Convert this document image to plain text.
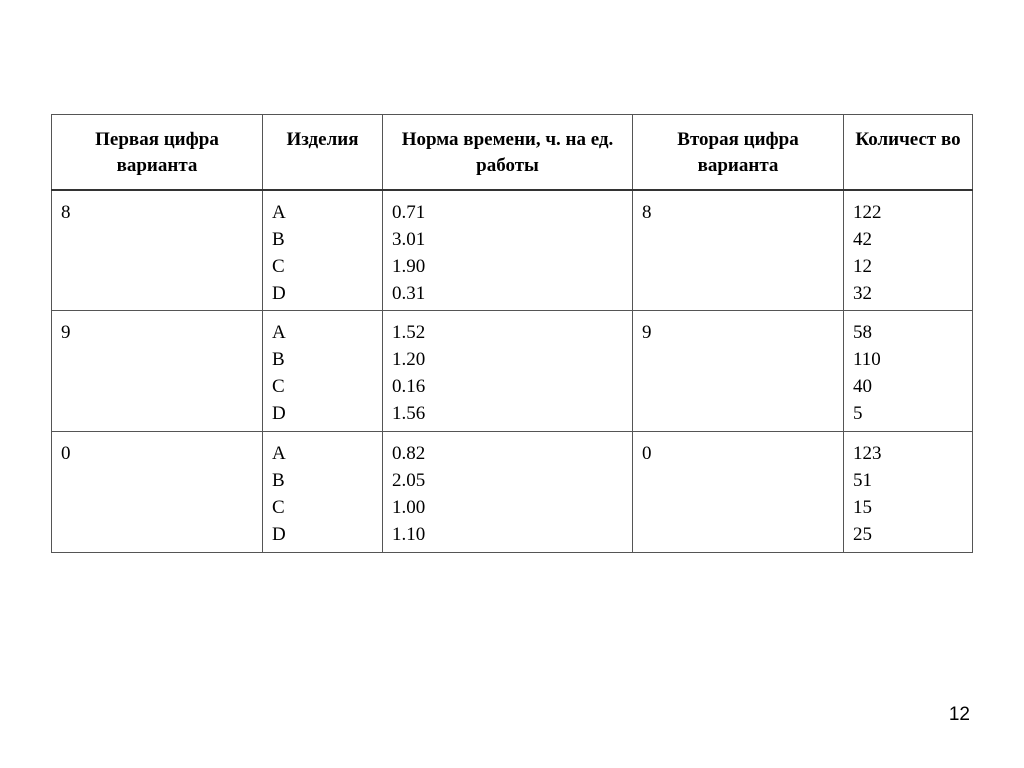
Первая цифра варианта	Изделия	Норма времени, ч. на ед. работы	Вторая цифра варианта	Количест во

8	A
B
C
D	0.71
3.01
1.90
0.31	8	122
42
12
32

9	A
B
C
D	1.52
1.20
0.16
1.56	9	58
110
40
5

0	A
B
C
D	0.82
2.05
1.00
1.10	0	123
51
15
25
12
